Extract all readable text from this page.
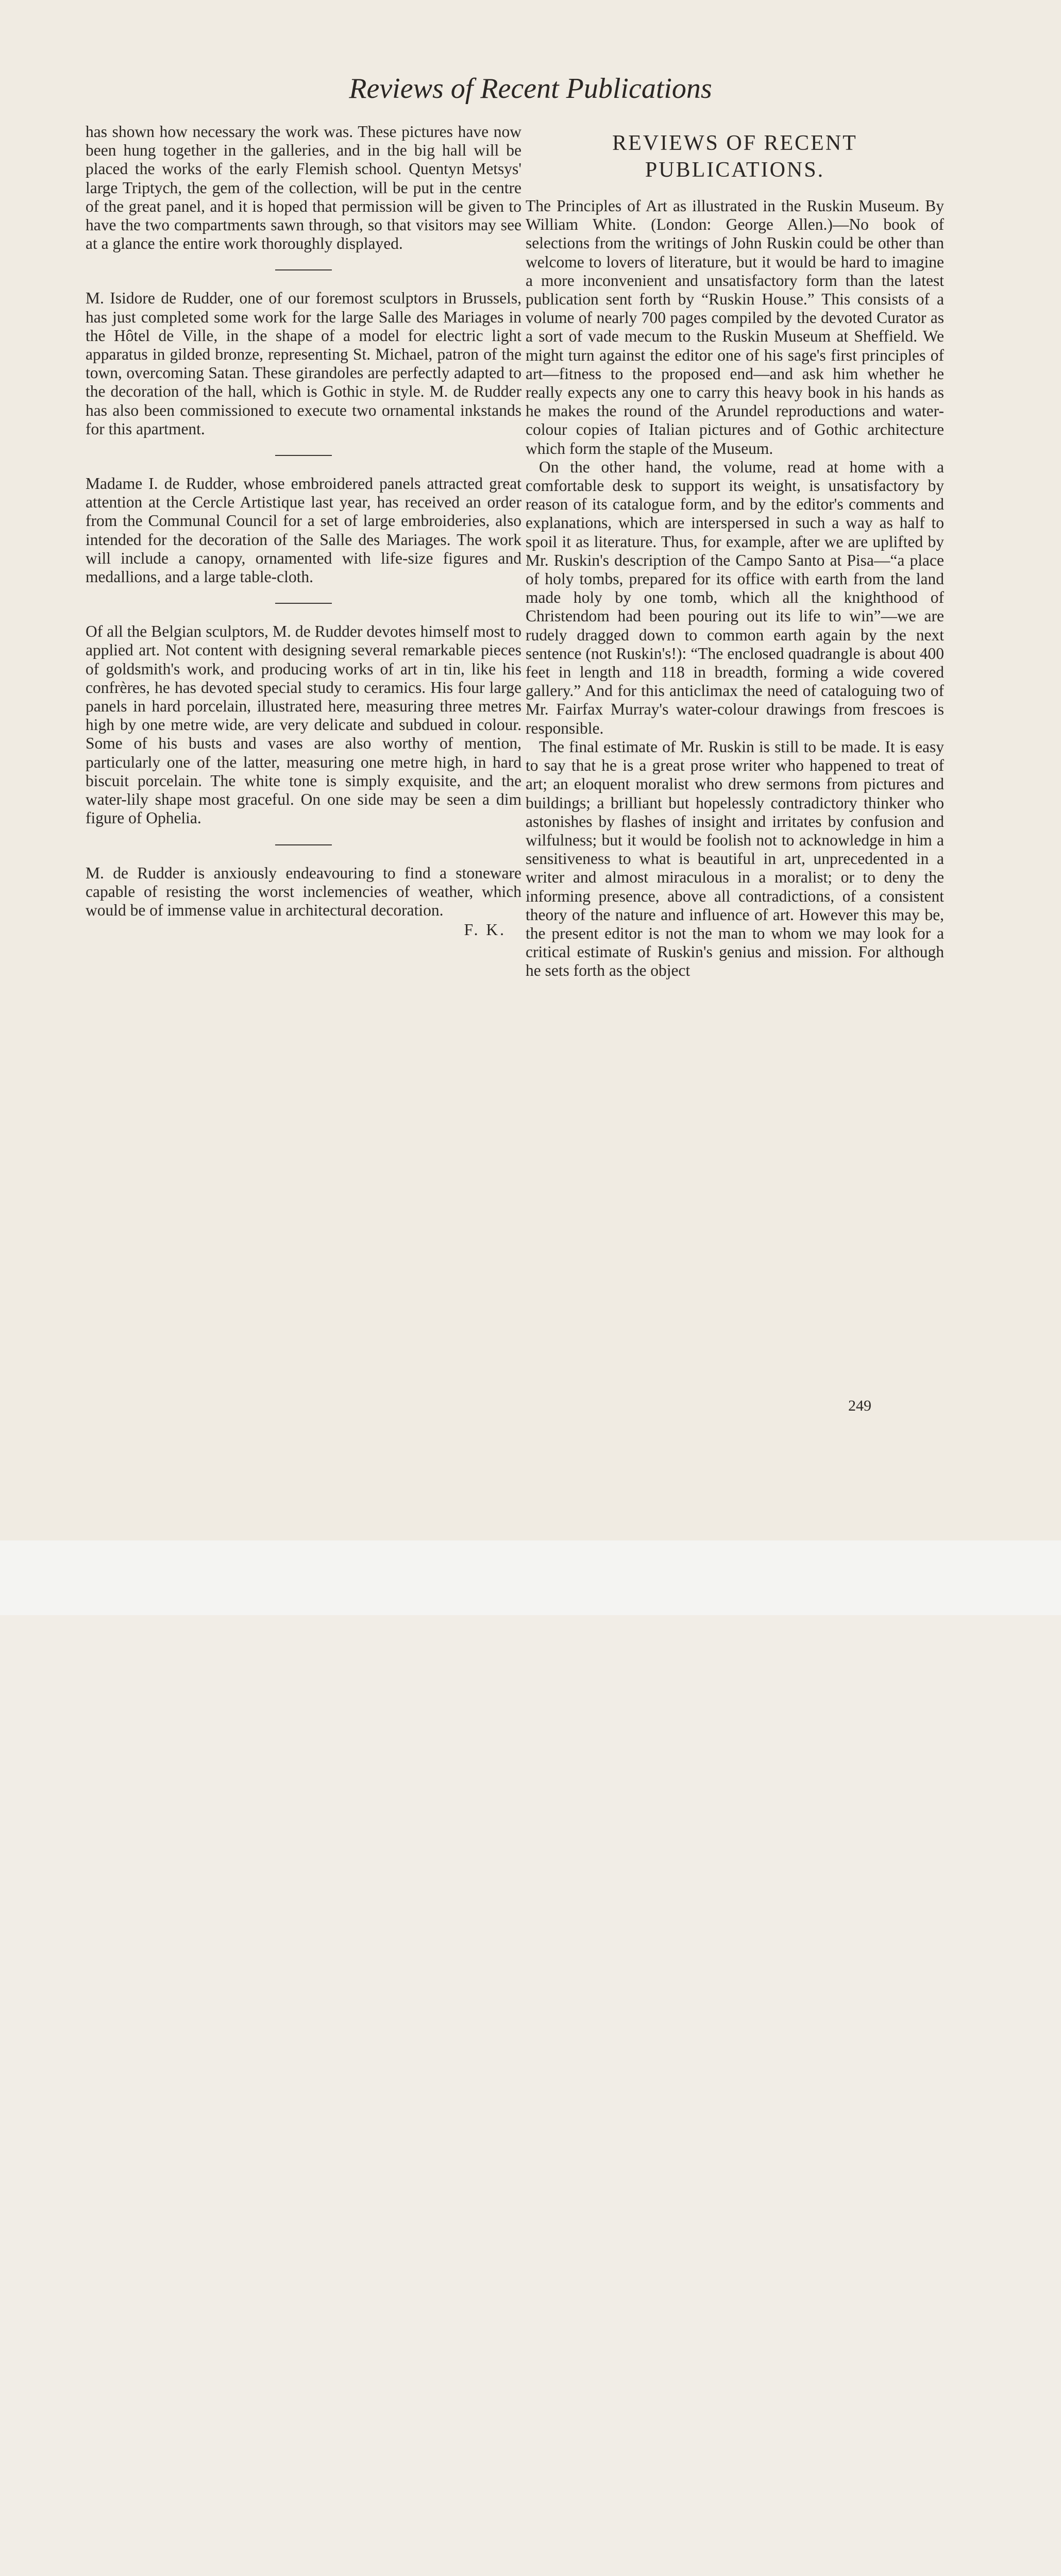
Reviews of Recent Publications

has shown how necessary the work was. These pictures have now been hung together in the galleries, and in the big hall will be placed the works of the early Flemish school. Quentyn Metsys' large Triptych, the gem of the collection, will be put in the centre of the great panel, and it is hoped that permission will be given to have the two compartments sawn through, so that visitors may see at a glance the entire work thoroughly displayed.

M. Isidore de Rudder, one of our foremost sculptors in Brussels, has just completed some work for the large Salle des Mariages in the Hôtel de Ville, in the shape of a model for electric light apparatus in gilded bronze, representing St. Michael, patron of the town, overcoming Satan. These girandoles are perfectly adapted to the decoration of the hall, which is Gothic in style. M. de Rudder has also been commissioned to execute two ornamental inkstands for this apartment.

Madame I. de Rudder, whose embroidered panels attracted great attention at the Cercle Artistique last year, has received an order from the Communal Council for a set of large embroideries, also intended for the decoration of the Salle des Mariages. The work will include a canopy, ornamented with life-size figures and medallions, and a large table-cloth.

Of all the Belgian sculptors, M. de Rudder devotes himself most to applied art. Not content with designing several remarkable pieces of goldsmith's work, and producing works of art in tin, like his confrères, he has devoted special study to ceramics. His four large panels in hard porcelain, illustrated here, measuring three metres high by one metre wide, are very delicate and subdued in colour. Some of his busts and vases are also worthy of mention, particularly one of the latter, measuring one metre high, in hard biscuit porcelain. The white tone is simply exquisite, and the water-lily shape most graceful. On one side may be seen a dim figure of Ophelia.

M. de Rudder is anxiously endeavouring to find a stoneware capable of resisting the worst inclemencies of weather, which would be of immense value in architectural decoration.

F. K.
REVIEWS OF RECENT
PUBLICATIONS.

The Principles of Art as illustrated in the Ruskin Museum. By William White. (London: George Allen.)—No book of selections from the writings of John Ruskin could be other than welcome to lovers of literature, but it would be hard to imagine a more inconvenient and unsatisfactory form than the latest publication sent forth by “Ruskin House.” This consists of a volume of nearly 700 pages compiled by the devoted Curator as a sort of vade mecum to the Ruskin Museum at Sheffield. We might turn against the editor one of his sage's first principles of art—fitness to the proposed end—and ask him whether he really expects any one to carry this heavy book in his hands as he makes the round of the Arundel reproductions and water-colour copies of Italian pictures and of Gothic architecture which form the staple of the Museum.

On the other hand, the volume, read at home with a comfortable desk to support its weight, is unsatisfactory by reason of its catalogue form, and by the editor's comments and explanations, which are interspersed in such a way as half to spoil it as literature. Thus, for example, after we are uplifted by Mr. Ruskin's description of the Campo Santo at Pisa—“a place of holy tombs, prepared for its office with earth from the land made holy by one tomb, which all the knighthood of Christendom had been pouring out its life to win”—we are rudely dragged down to common earth again by the next sentence (not Ruskin's!): “The enclosed quadrangle is about 400 feet in length and 118 in breadth, forming a wide covered gallery.” And for this anticlimax the need of cataloguing two of Mr. Fairfax Murray's water-colour drawings from frescoes is responsible.

The final estimate of Mr. Ruskin is still to be made. It is easy to say that he is a great prose writer who happened to treat of art; an eloquent moralist who drew sermons from pictures and buildings; a brilliant but hopelessly contradictory thinker who astonishes by flashes of insight and irritates by confusion and wilfulness; but it would be foolish not to acknowledge in him a sensitiveness to what is beautiful in art, unprecedented in a writer and almost miraculous in a moralist; or to deny the informing presence, above all contradictions, of a consistent theory of the nature and influence of art. However this may be, the present editor is not the man to whom we may look for a critical estimate of Ruskin's genius and mission. For although he sets forth as the object

249
